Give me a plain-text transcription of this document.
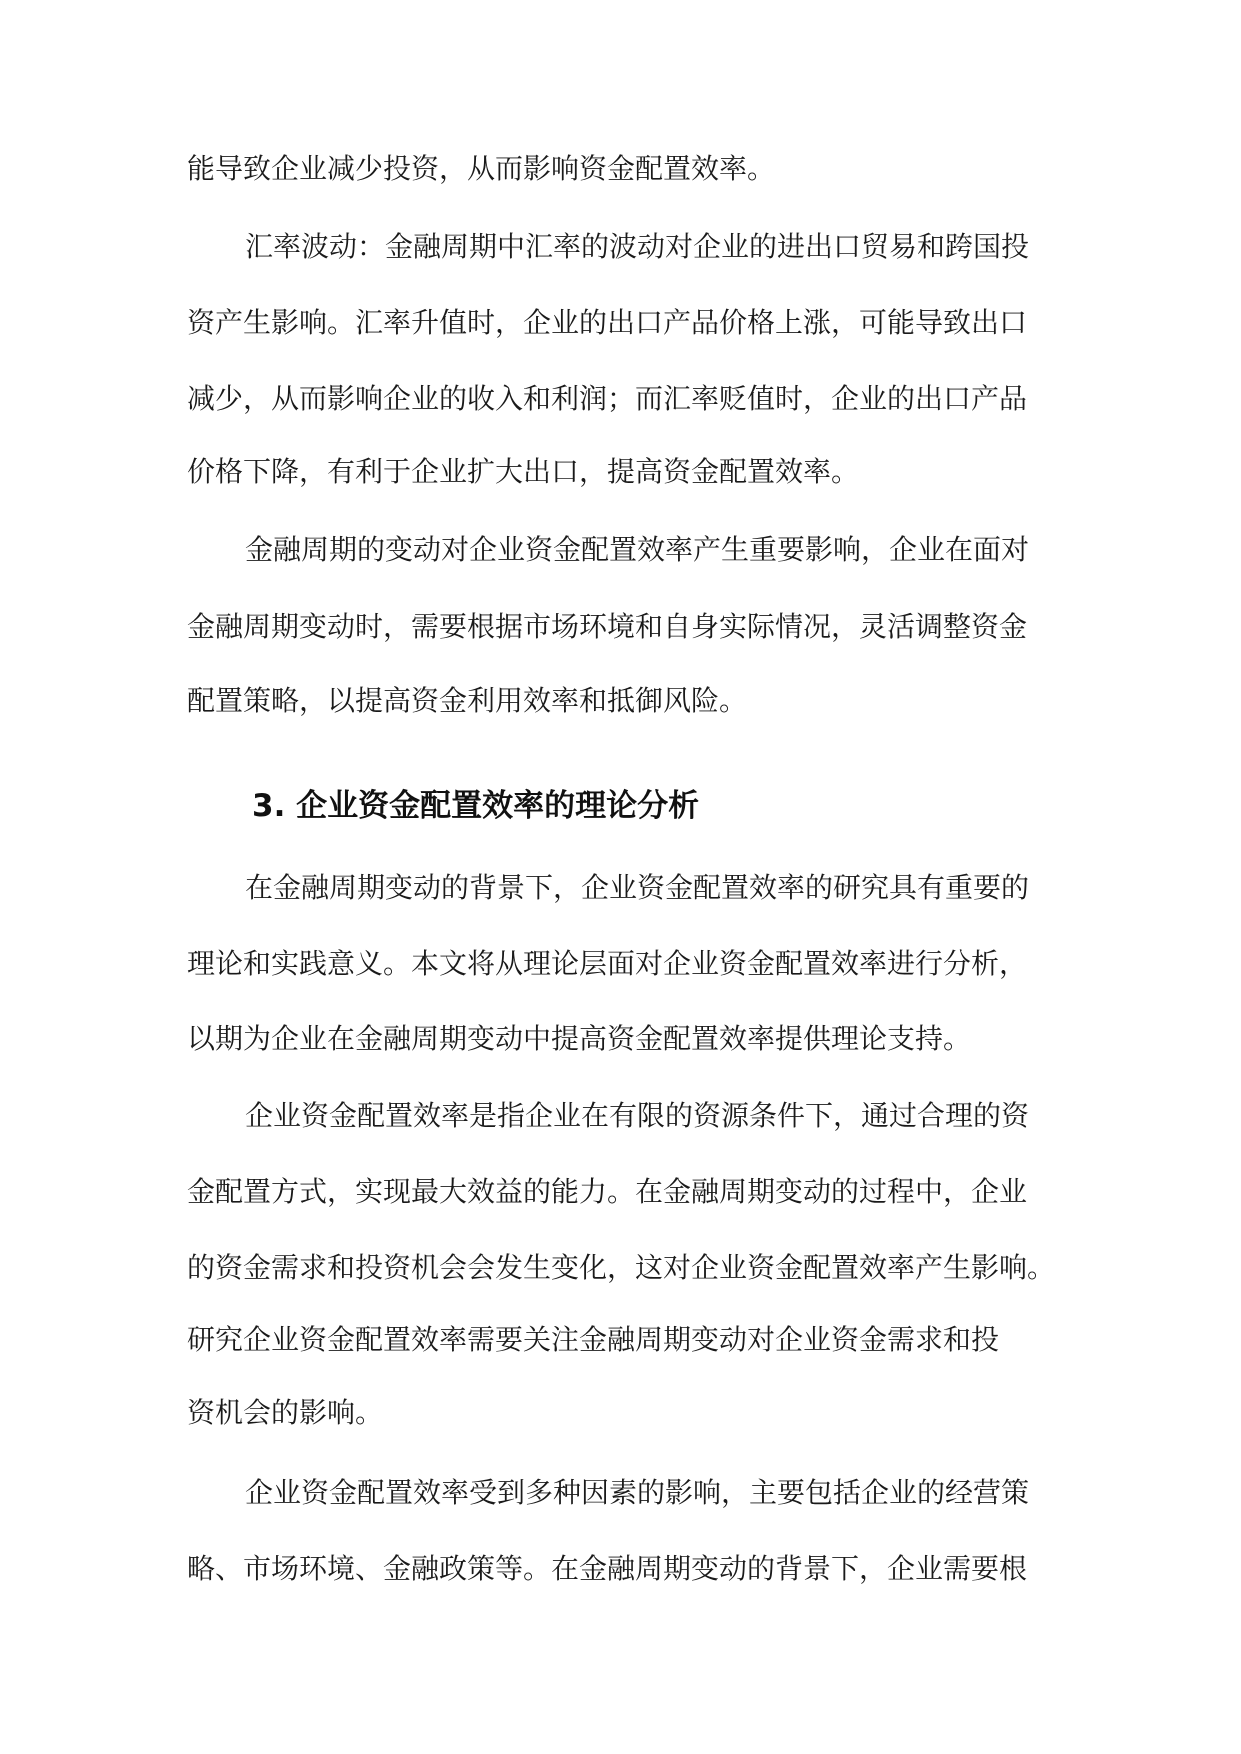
能导致企业减少投资，从而影响资金配置效率。
汇率波动：金融周期中汇率的波动对企业的进出口贸易和跨国投
资产生影响。汇率升值时，企业的出口产品价格上涨，可能导致出口
减少，从而影响企业的收入和利润；而汇率贬值时，企业的出口产品
价格下降，有利于企业扩大出口，提高资金配置效率。
金融周期的变动对企业资金配置效率产生重要影响，企业在面对
金融周期变动时，需要根据市场环境和自身实际情况，灵活调整资金
配置策略，以提高资金利用效率和抵御风险。
3. 企业资金配置效率的理论分析
在金融周期变动的背景下，企业资金配置效率的研究具有重要的
理论和实践意义。本文将从理论层面对企业资金配置效率进行分析，
以期为企业在金融周期变动中提高资金配置效率提供理论支持。
企业资金配置效率是指企业在有限的资源条件下，通过合理的资
金配置方式，实现最大效益的能力。在金融周期变动的过程中，企业
的资金需求和投资机会会发生变化，这对企业资金配置效率产生影响。
研究企业资金配置效率需要关注金融周期变动对企业资金需求和投
资机会的影响。
企业资金配置效率受到多种因素的影响，主要包括企业的经营策
略、市场环境、金融政策等。在金融周期变动的背景下，企业需要根
